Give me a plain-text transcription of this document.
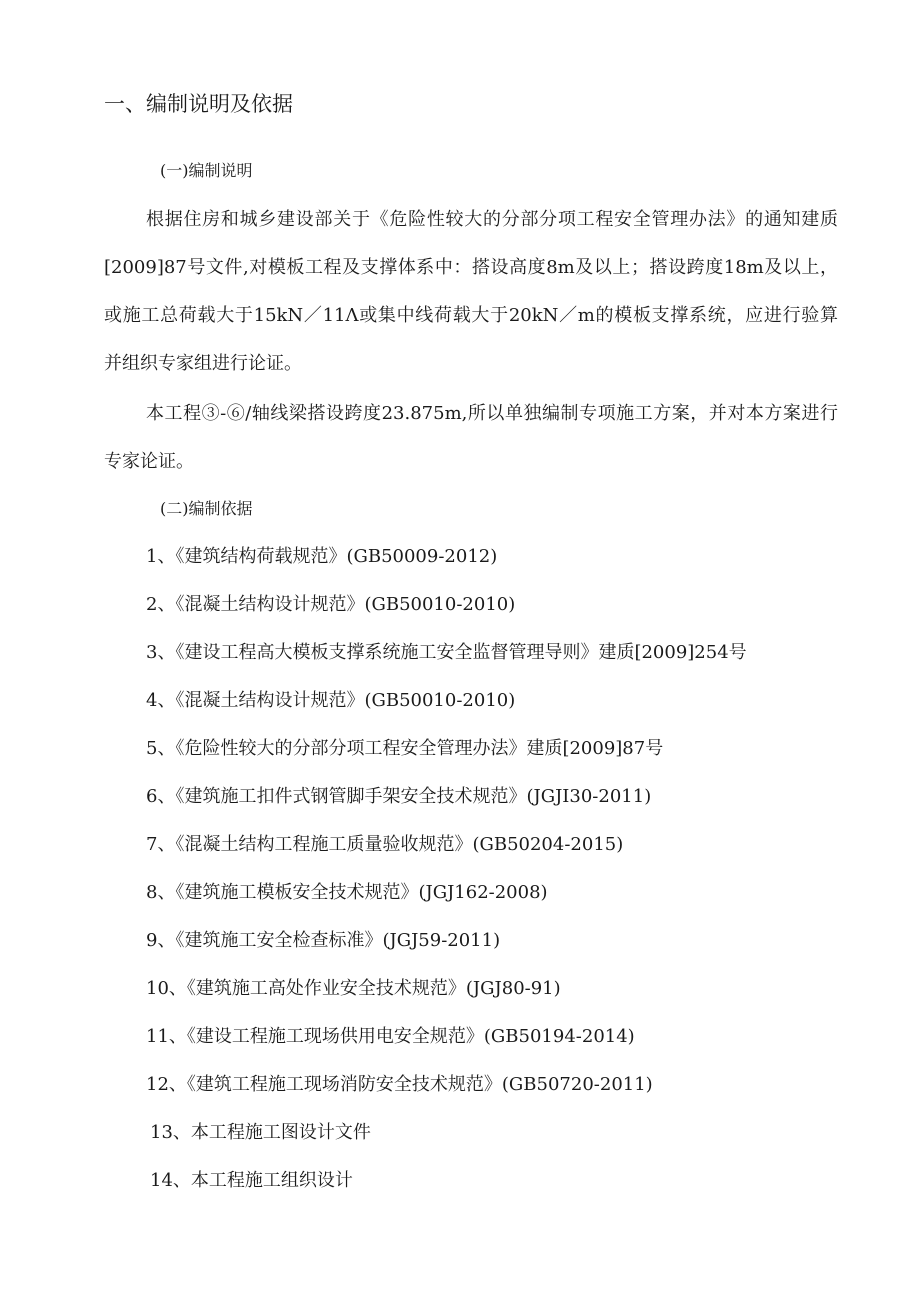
一、编制说明及依据
(一)编制说明
根据住房和城乡建设部关于《危险性较大的分部分项工程安全管理办法》的通知建质
[2009]87号文件,对模板工程及支撑体系中：搭设高度8m及以上；搭设跨度18m及以上，
或施工总荷载大于15kN／11Λ或集中线荷载大于20kN／m的模板支撑系统，应进行验算
并组织专家组进行论证。
本工程③-⑥/轴线梁搭设跨度23.875m,所以单独编制专项施工方案，并对本方案进行
专家论证。
(二)编制依据
1、《建筑结构荷载规范》(GB50009-2012)
2、《混凝土结构设计规范》(GB50010-2010)
3、《建设工程高大模板支撑系统施工安全监督管理导则》建质[2009]254号
4、《混凝土结构设计规范》(GB50010-2010)
5、《危险性较大的分部分项工程安全管理办法》建质[2009]87号
6、《建筑施工扣件式钢管脚手架安全技术规范》(JGJI30-2011)
7、《混凝土结构工程施工质量验收规范》(GB50204-2015)
8、《建筑施工模板安全技术规范》(JGJ162-2008)
9、《建筑施工安全检查标准》(JGJ59-2011)
10、《建筑施工高处作业安全技术规范》(JGJ80-91)
11、《建设工程施工现场供用电安全规范》(GB50194-2014)
12、《建筑工程施工现场消防安全技术规范》(GB50720-2011)
13、本工程施工图设计文件
14、本工程施工组织设计
